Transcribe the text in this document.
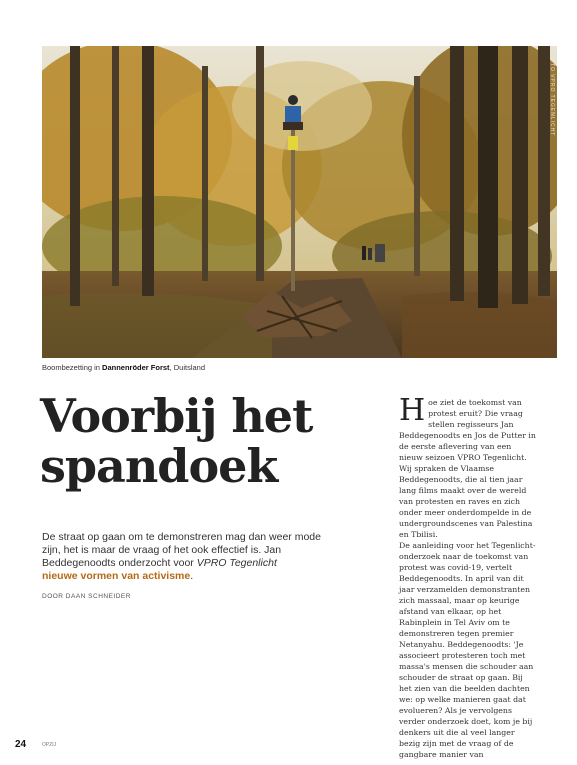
FOTO VPRO TEGENLICHT
Boombezetting in Dannenröder Forst, Duitsland
Voorbij het spandoek
De straat op gaan om te demonstreren mag dan weer mode zijn, het is maar de vraag of het ook effectief is. Jan Beddegenoodts onderzocht voor VPRO Tegenlicht
nieuwe vormen van activisme.
DOOR DAAN SCHNEIDER
H oe ziet de toekomst van protest eruit? Die vraag stellen regisseurs Jan Beddegenoodts en Jos de Putter in de eerste aflevering van een nieuw seizoen VPRO Tegenlicht. Wij spraken de Vlaamse Beddegenoodts, die al tien jaar lang films maakt over de wereld van protesten en raves en zich onder meer onderdompelde in de undergroundscenes van Palestina en Tbilisi.

De aanleiding voor het Tegenlicht-onderzoek naar de toekomst van protest was covid-19, vertelt Beddegenoodts. In april van dit jaar verzamelden demonstranten zich massaal, maar op keurige afstand van elkaar, op het Rabinplein in Tel Aviv om te demonstreren tegen premier Netanyahu. Beddegenoodts: 'Je associeert protesteren toch met massa's mensen die schouder aan schouder de straat op gaan. Bij het zien van die beelden dachten we: op welke manieren gaat dat evolueren? Als je vervolgens verder onderzoek doet, kom je bij denkers uit die al veel langer bezig zijn met de vraag of de gangbare manier van

24	OPZIJ
